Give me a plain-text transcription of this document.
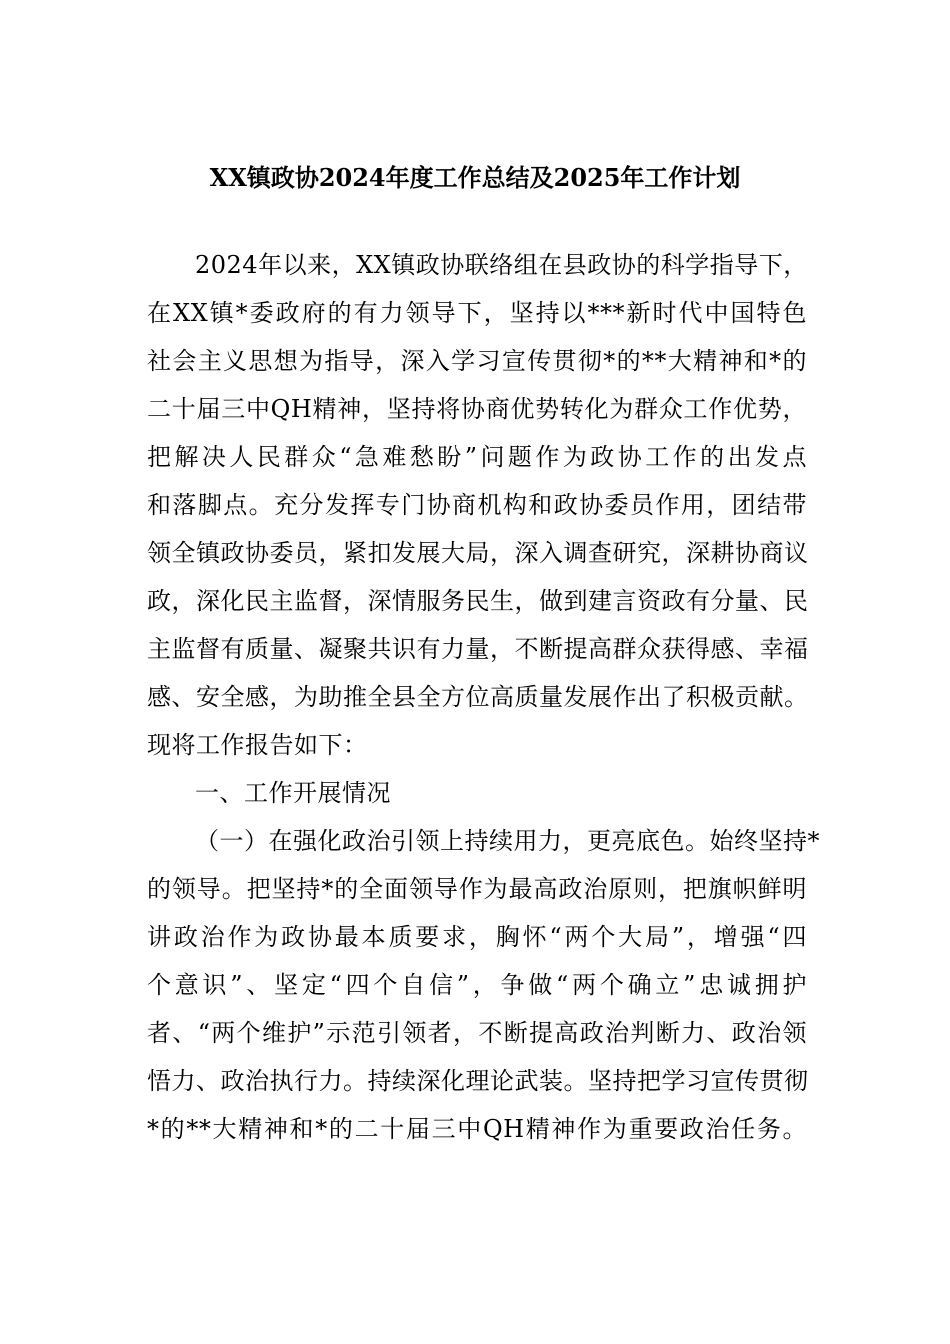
XX镇政协2024年度工作总结及2025年工作计划
2024年以来，XX镇政协联络组在县政协的科学指导下，
在XX镇*委政府的有力领导下，坚持以***新时代中国特色
社会主义思想为指导，深入学习宣传贯彻*的**大精神和*的
二十届三中QH精神，坚持将协商优势转化为群众工作优势，
把解决人民群众“急难愁盼”问题作为政协工作的出发点
和落脚点。充分发挥专门协商机构和政协委员作用，团结带
领全镇政协委员，紧扣发展大局，深入调查研究，深耕协商议
政，深化民主监督，深情服务民生，做到建言资政有分量、民
主监督有质量、凝聚共识有力量，不断提高群众获得感、幸福
感、安全感，为助推全县全方位高质量发展作出了积极贡献。
现将工作报告如下：
一、工作开展情况
（一）在强化政治引领上持续用力，更亮底色。始终坚持*
的领导。把坚持*的全面领导作为最高政治原则，把旗帜鲜明
讲政治作为政协最本质要求，胸怀“两个大局”，增强“四
个意识”、坚定“四个自信”，争做“两个确立”忠诚拥护
者、“两个维护”示范引领者，不断提高政治判断力、政治领
悟力、政治执行力。持续深化理论武装。坚持把学习宣传贯彻
*的**大精神和*的二十届三中QH精神作为重要政治任务。
